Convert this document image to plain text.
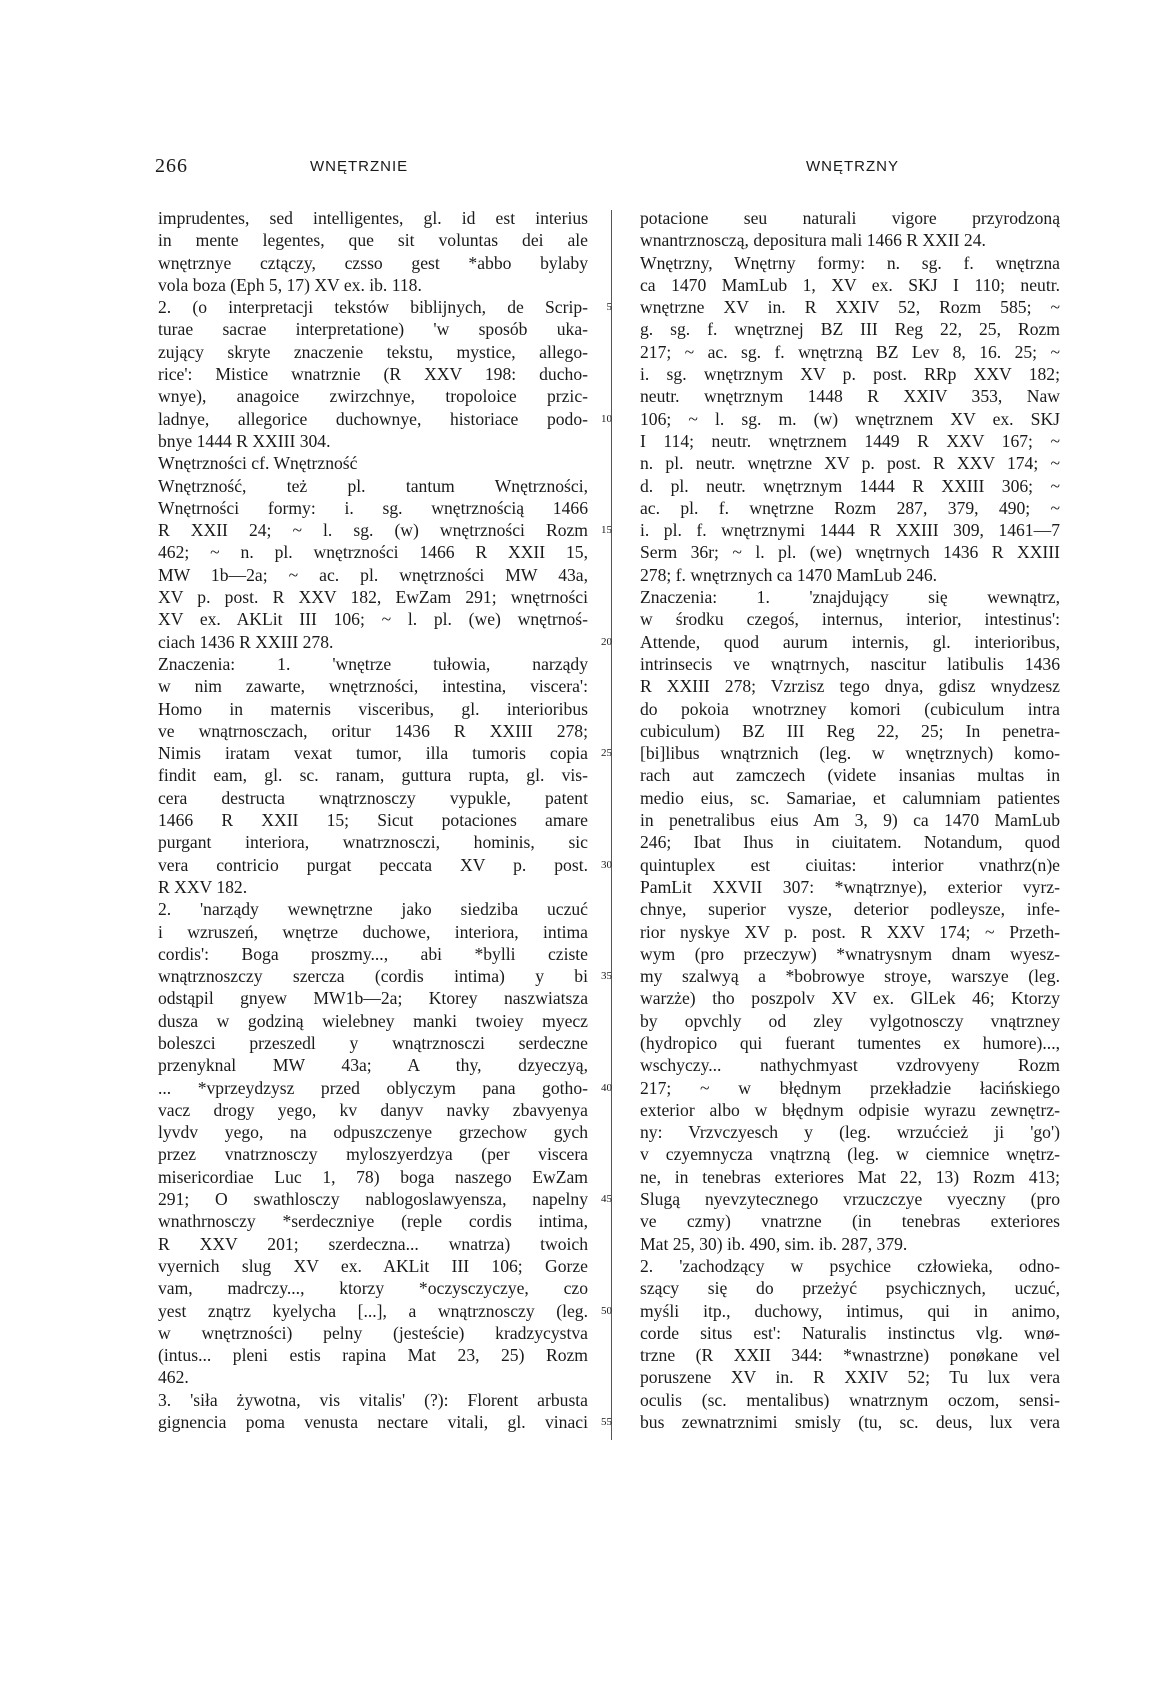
266	WNĘTRZNIE	WNĘTRZNY
imprudentes, sed intelligentes, gl. id est interius
in mente legentes, que sit voluntas dei ale
wnętrznye cztączy, czsso gest *abbo bylaby
vola boza (Eph 5, 17) XV ex. ib. 118.
2. (o interpretacji tekstów biblijnych, de Scrip-
turae sacrae interpretatione) 'w sposób uka-
zujący skryte znaczenie tekstu, mystice, allego-
rice': Mistice wnatrznie (R XXV 198: ducho-
wnye), anagoice zwirzchnye, tropoloice przic-
ladnye, allegorice duchownye, historiace podo-
bnye 1444 R XXIII 304.
Wnętrzności cf. Wnętrzność
Wnętrzność, też pl. tantum Wnętrzności,
Wnętrności formy: i. sg. wnętrznością 1466
R XXII 24; ~ l. sg. (w) wnętrzności Rozm
462; ~ n. pl. wnętrzności 1466 R XXII 15,
MW 1b—2a; ~ ac. pl. wnętrzności MW 43a,
XV p. post. R XXV 182, EwZam 291; wnętrności
XV ex. AKLit III 106; ~ l. pl. (we) wnętrnoś-
ciach 1436 R XXIII 278.
Znaczenia: 1. 'wnętrze tułowia, narządy
w nim zawarte, wnętrzności, intestina, viscera':
Homo in maternis visceribus, gl. interioribus
ve wnątrnosczach, oritur 1436 R XXIII 278;
Nimis iratam vexat tumor, illa tumoris copia
findit eam, gl. sc. ranam, guttura rupta, gl. vis-
cera destructa wnątrznosczy vypukle, patent
1466 R XXII 15; Sicut potaciones amare
purgant interiora, wnatrznosczi, hominis, sic
vera contricio purgat peccata XV p. post.
R XXV 182.
2. 'narządy wewnętrzne jako siedziba uczuć
i wzruszeń, wnętrze duchowe, interiora, intima
cordis': Boga proszmy..., abi *bylli cziste
wnątrznoszczy szercza (cordis intima) y bi
odstąpil gnyew MW1b—2a; Ktorey naszwiatsza
dusza w godziną wielebney manki twoiey myecz
boleszci przeszedl y wnątrznosczi serdeczne
przenyknal MW 43a; A thy, dzyeczyą,
... *vprzeydzysz przed oblyczym pana gotho-
vacz drogy yego, kv danyv navky zbavyenya
lyvdv yego, na odpuszczenye grzechow gych
przez vnatrznosczy myloszyerdzya (per viscera
misericordiae Luc 1, 78) boga naszego EwZam
291; O swathlosczy nablogoslawyensza, napelny
wnathrnosczy *serdeczniye (reple cordis intima,
R XXV 201; szerdeczna... wnatrza) twoich
vyernich slug XV ex. AKLit III 106; Gorze
vam, madrczy..., ktorzy *oczysczyczye, czo
yest znątrz kyelycha [...], a wnątrznosczy (leg.
w wnętrzności) pelny (jesteście) kradzycystva
(intus... pleni estis rapina Mat 23, 25) Rozm
462.
3. 'siła żywotna, vis vitalis' (?): Florent arbusta
gignencia poma venusta nectare vitali, gl. vinaci
5
10
15
20
25
30
35
40
45
50
55
potacione seu naturali vigore przyrodzoną
wnantrznosczą, depositura mali 1466 R XXII 24.
Wnętrzny, Wnętrny formy: n. sg. f. wnętrzna
ca 1470 MamLub 1, XV ex. SKJ I 110; neutr.
wnętrzne XV in. R XXIV 52, Rozm 585; ~
g. sg. f. wnętrznej BZ III Reg 22, 25, Rozm
217; ~ ac. sg. f. wnętrzną BZ Lev 8, 16. 25; ~
i. sg. wnętrznym XV p. post. RRp XXV 182;
neutr. wnętrznym 1448 R XXIV 353, Naw
106; ~ l. sg. m. (w) wnętrznem XV ex. SKJ
I 114; neutr. wnętrznem 1449 R XXV 167; ~
n. pl. neutr. wnętrzne XV p. post. R XXV 174; ~
d. pl. neutr. wnętrznym 1444 R XXIII 306; ~
ac. pl. f. wnętrzne Rozm 287, 379, 490; ~
i. pl. f. wnętrznymi 1444 R XXIII 309, 1461—7
Serm 36r; ~ l. pl. (we) wnętrnych 1436 R XXIII
278; f. wnętrznych ca 1470 MamLub 246.
Znaczenia: 1. 'znajdujący się wewnątrz,
w środku czegoś, internus, interior, intestinus':
Attende, quod aurum internis, gl. interioribus,
intrinsecis ve wnątrnych, nascitur latibulis 1436
R XXIII 278; Vzrzisz tego dnya, gdisz wnydzesz
do pokoia wnotrzney komori (cubiculum intra
cubiculum) BZ III Reg 22, 25; In penetra-
[bi]libus wnątrznich (leg. w wnętrznych) komo-
rach aut zamczech (videte insanias multas in
medio eius, sc. Samariae, et calumniam patientes
in penetralibus eius Am 3, 9) ca 1470 MamLub
246; Ibat Ihus in ciuitatem. Notandum, quod
quintuplex est ciuitas: interior vnathrz(n)e
PamLit XXVII 307: *wnątrznye), exterior vyrz-
chnye, superior vysze, deterior podleysze, infe-
rior nyskye XV p. post. R XXV 174; ~ Przeth-
wym (pro przeczyw) *wnatrysnym dnam wyesz-
my szalwyą a *bobrowye stroye, warszye (leg.
warzże) tho poszpolv XV ex. GlLek 46; Ktorzy
by opvchly od zley vylgotnosczy vnątrzney
(hydropico qui fuerant tumentes ex humore)...,
wschyczy... nathychmyast vzdrovyeny Rozm
217; ~ w błędnym przekładzie łacińskiego
exterior albo w błędnym odpisie wyrazu zewnętrz-
ny: Vrzvczyesch y (leg. wrzućcież ji 'go')
v czyemnycza vnątrzną (leg. w ciemnice wnętrz-
ne, in tenebras exteriores Mat 22, 13) Rozm 413;
Slugą nyevzytecznego vrzuczczye vyeczny (pro
ve czmy) vnatrzne (in tenebras exteriores
Mat 25, 30) ib. 490, sim. ib. 287, 379.
2. 'zachodzący w psychice człowieka, odno-
szący się do przeżyć psychicznych, uczuć,
myśli itp., duchowy, intimus, qui in animo,
corde situs est': Naturalis instinctus vlg. wnø-
trzne (R XXII 344: *wnastrzne) ponøkane vel
poruszene XV in. R XXIV 52; Tu lux vera
oculis (sc. mentalibus) wnatrznym oczom, sensi-
bus zewnatrznimi smisly (tu, sc. deus, lux vera
